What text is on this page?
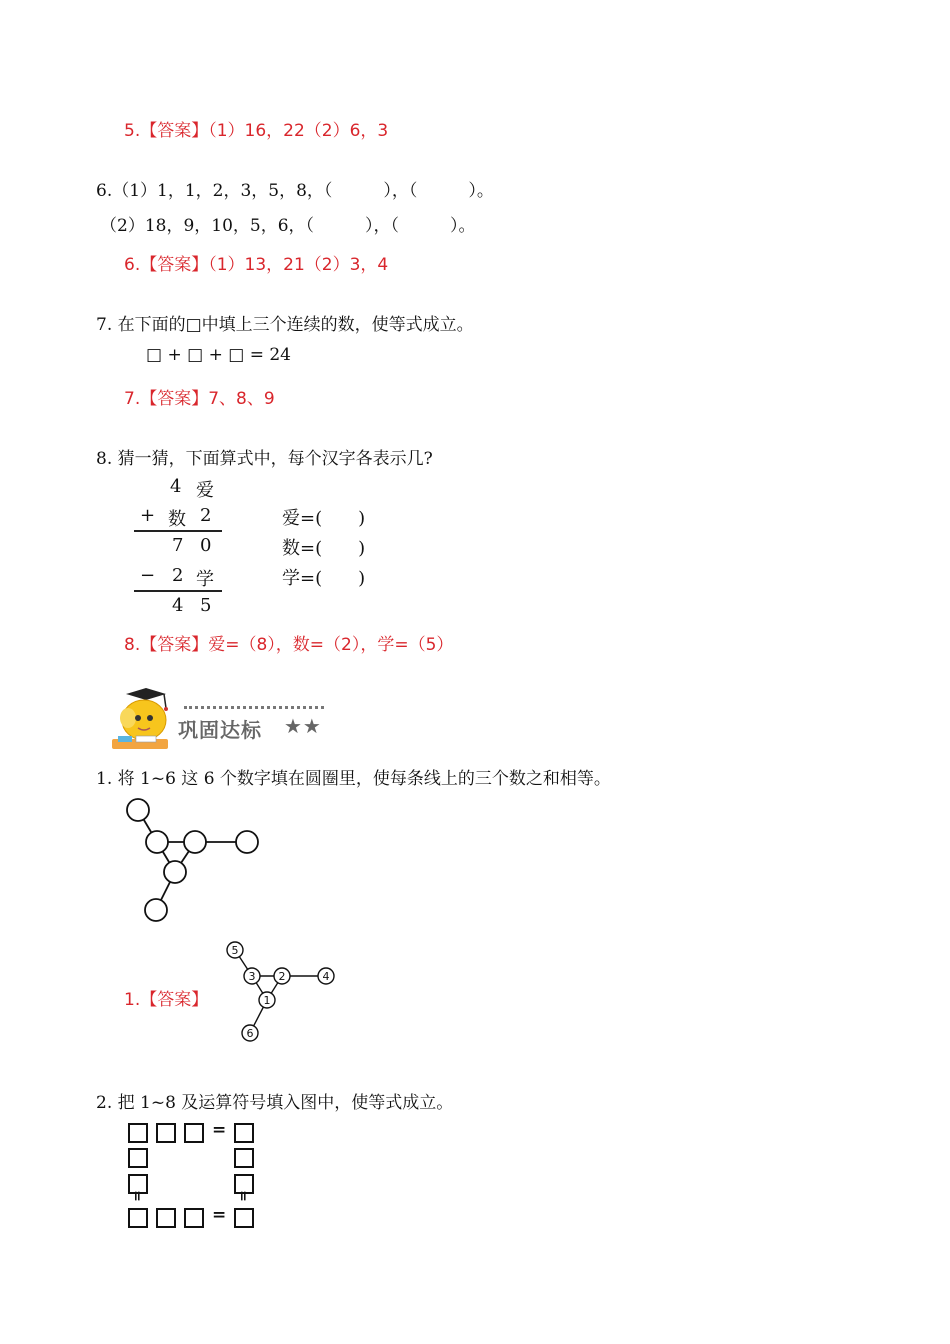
5.【答案】（1）16，22（2）6，3
6.（1）1，1，2，3，5，8，（　　　），（　　　）。
（2）18，9，10，5，6，（　　　），（　　　）。
6.【答案】（1）13，21（2）3，4
7. 在下面的□中填上三个连续的数，使等式成立。
□ + □ + □ = 24
7.【答案】7、8、9
8. 猜一猜，下面算式中，每个汉字各表示几?
4 爱
+ 数 2
7 0
− 2 学
4 5
爱=(　　)
数=(　　)
学=(　　)
8.【答案】爱=（8），数=（2），学=（5）
巩固达标 ★★
1. 将 1~6 这 6 个数字填在圆圈里，使每条线上的三个数之和相等。
1.【答案】
5
3 2	4
1
6
2. 把 1~8 及运算符号填入图中，使等式成立。
=
=	=
=
